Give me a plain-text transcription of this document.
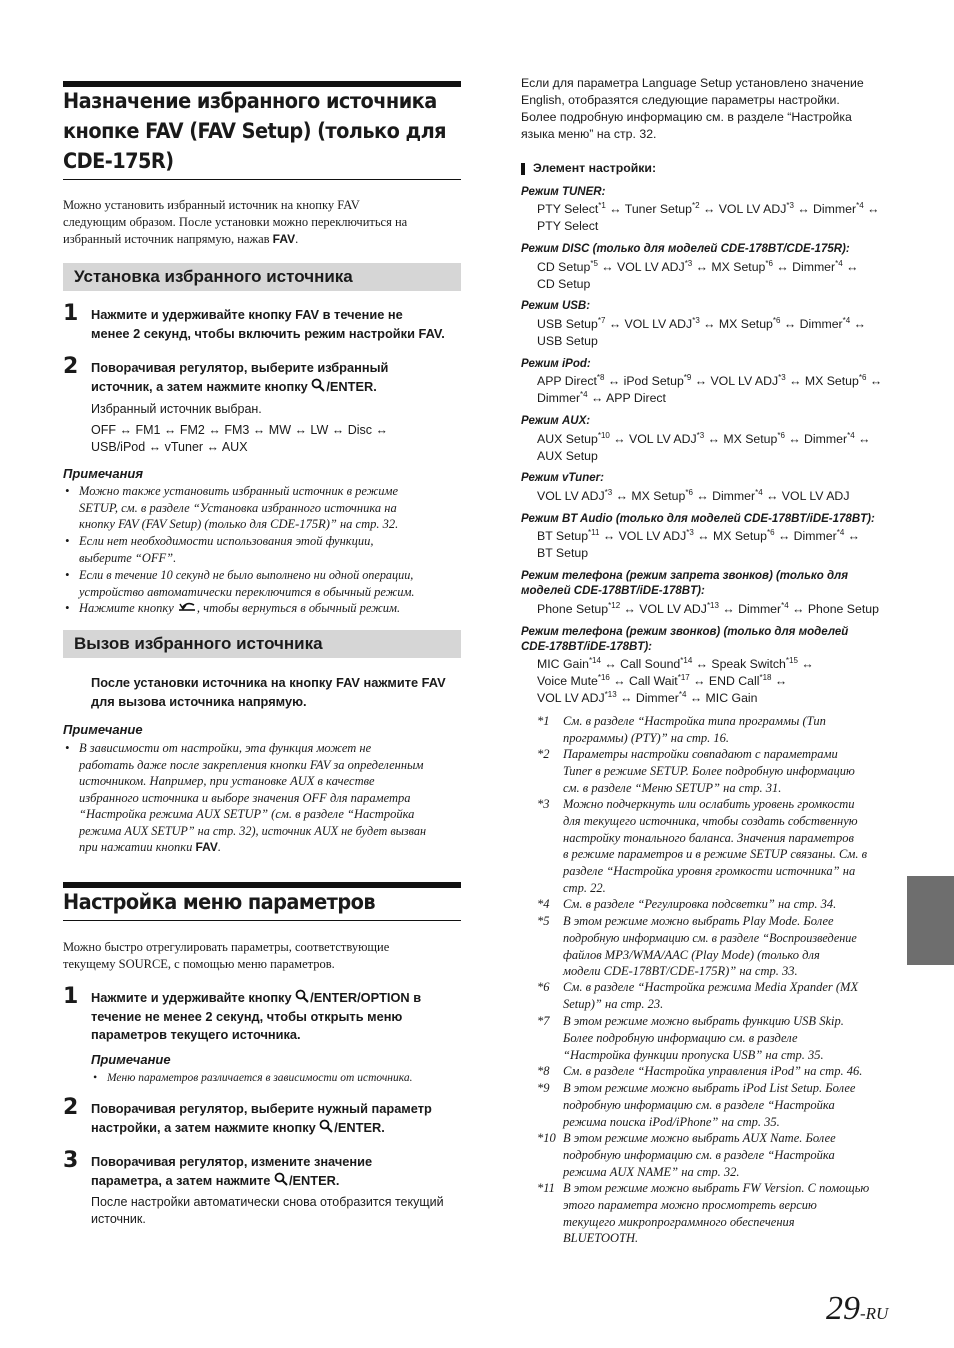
Назначение избранного источника
кнопке FAV (FAV Setup) (только для
CDE-175R)
Можно установить избранный источник на кнопку FAV
следующим образом. После установки можно переключиться на
избранный источник напрямую, нажав FAV.
Установка избранного источника
1 Нажмите и удерживайте кнопку FAV в течение не
менее 2 секунд, чтобы включить режим настройки FAV.
2 Поворачивая регулятор, выберите избранный
источник, а затем нажмите кнопку /ENTER.
Избранный источник выбран.
OFF ↔ FM1 ↔ FM2 ↔ FM3 ↔ MW ↔ LW ↔ Disc ↔
USB/iPod ↔ vTuner ↔ AUX
Примечания
• Можно также установить избранный источник в режиме
SETUP, см. в разделе “Установка избранного источника на
кнопку FAV (FAV Setup) (только для CDE-175R)” на стр. 32.
• Если нет необходимости использования этой функции,
выберите “OFF”.
• Если в течение 10 секунд не было выполнено ни одной операции,
устройство автоматически переключится в обычный режим.
• Нажмите кнопку , чтобы вернуться в обычный режим.
Вызов избранного источника
После установки источника на кнопку FAV нажмите FAV
для вызова источника напрямую.
Примечание
• В зависимости от настройки, эта функция может не
работать даже после закрепления кнопки FAV за определенным
источником. Например, при установке AUX в качестве
избранного источника и выборе значения OFF для параметра
“Настройка режима AUX SETUP” (см. в разделе “Настройка
режима AUX SETUP” на стр. 32), источник AUX не будет вызван
при нажатии кнопки FAV.
Настройка меню параметров
Можно быстро отрегулировать параметры, соответствующие
текущему SOURCE, с помощью меню параметров.
1 Нажмите и удерживайте кнопку /ENTER/OPTION в
течение не менее 2 секунд, чтобы открыть меню
параметров текущего источника.
Примечание
• Меню параметров различается в зависимости от источника.
2 Поворачивая регулятор, выберите нужный параметр
настройки, а затем нажмите кнопку /ENTER.
3 Поворачивая регулятор, измените значение
параметра, а затем нажмите /ENTER.
После настройки автоматически снова отобразится текущий
источник.
Если для параметра Language Setup установлено значение
English, отобразятся следующие параметры настройки.
Более подробную информацию см. в разделе “Настройка
языка меню” на стр. 32.
Элемент настройки:
Режим TUNER:
PTY Select$^{*1}$ ↔ Tuner Setup$^{*2}$ ↔ VOL LV ADJ$^{*3}$ ↔ Dimmer$^{*4}$ ↔
PTY Select
Режим DISC (только для моделей CDE-178BT/CDE-175R):
CD Setup$^{*5}$ ↔ VOL LV ADJ$^{*3}$ ↔ MX Setup$^{*6}$ ↔ Dimmer$^{*4}$ ↔
CD Setup
Режим USB:
USB Setup$^{*7}$ ↔ VOL LV ADJ$^{*3}$ ↔ MX Setup$^{*6}$ ↔ Dimmer$^{*4}$ ↔
USB Setup
Режим iPod:
APP Direct$^{*8}$ ↔ iPod Setup$^{*9}$ ↔ VOL LV ADJ$^{*3}$ ↔ MX Setup$^{*6}$ ↔
Dimmer$^{*4}$ ↔ APP Direct
Режим AUX:
AUX Setup$^{*10}$ ↔ VOL LV ADJ$^{*3}$ ↔ MX Setup$^{*6}$ ↔ Dimmer$^{*4}$ ↔
AUX Setup
Режим vTuner:
VOL LV ADJ$^{*3}$ ↔ MX Setup$^{*6}$ ↔ Dimmer$^{*4}$ ↔ VOL LV ADJ
Режим BT Audio (только для моделей CDE-178BT/iDE-178BT):
BT Setup$^{*11}$ ↔ VOL LV ADJ$^{*3}$ ↔ MX Setup$^{*6}$ ↔ Dimmer$^{*4}$ ↔
BT Setup
Режим телефона (режим запрета звонков) (только для
моделей CDE-178BT/iDE-178BT):
Phone Setup$^{*12}$ ↔ VOL LV ADJ$^{*13}$ ↔ Dimmer$^{*4}$ ↔ Phone Setup
Режим телефона (режим звонков) (только для моделей
CDE-178BT/iDE-178BT):
MIC Gain$^{*14}$ ↔ Call Sound$^{*14}$ ↔ Speak Switch$^{*15}$ ↔
Voice Mute$^{*16}$ ↔ Call Wait$^{*17}$ ↔ END Call$^{*18}$ ↔
VOL LV ADJ$^{*13}$ ↔ Dimmer$^{*4}$ ↔ MIC Gain
*1 См. в разделе “Настройка типа программы (Тип
программы) (PTY)” на стр. 16.
*2 Параметры настройки совпадают с параметрами
Tuner в режиме SETUP. Более подробную информацию
см. в разделе “Меню SETUP” на стр. 31.
*3 Можно подчеркнуть или ослабить уровень громкости
для текущего источника, чтобы создать собственную
настройку тонального баланса. Значения параметров
в режиме параметров и в режиме SETUP связаны. См. в
разделе “Настройка уровня громкости источника” на
стр. 22.
*4 См. в разделе “Регулировка подсветки” на стр. 34.
*5 В этом режиме можно выбрать Play Mode. Более
подробную информацию см. в разделе “Воспроизведение
файлов MP3/WMA/AAC (Play Mode) (только для
модели CDE-178BT/CDE-175R)” на стр. 33.
*6 См. в разделе “Настройка режима Media Xpander (MX
Setup)” на стр. 23.
*7 В этом режиме можно выбрать функцию USB Skip.
Более подробную информацию см. в разделе
“Настройка функции пропуска USB” на стр. 35.
*8 См. в разделе “Настройка управления iPod” на стр. 46.
*9 В этом режиме можно выбрать iPod List Setup. Более
подробную информацию см. в разделе “Настройка
режима поиска iPod/iPhone” на стр. 35.
*10 В этом режиме можно выбрать AUX Name. Более
подробную информацию см. в разделе “Настройка
режима AUX NAME” на стр. 32.
*11 В этом режиме можно выбрать FW Version. С помощью
этого параметра можно просмотреть версию
текущего микропрограммного обеспечения
BLUETOOTH.
29-RU
